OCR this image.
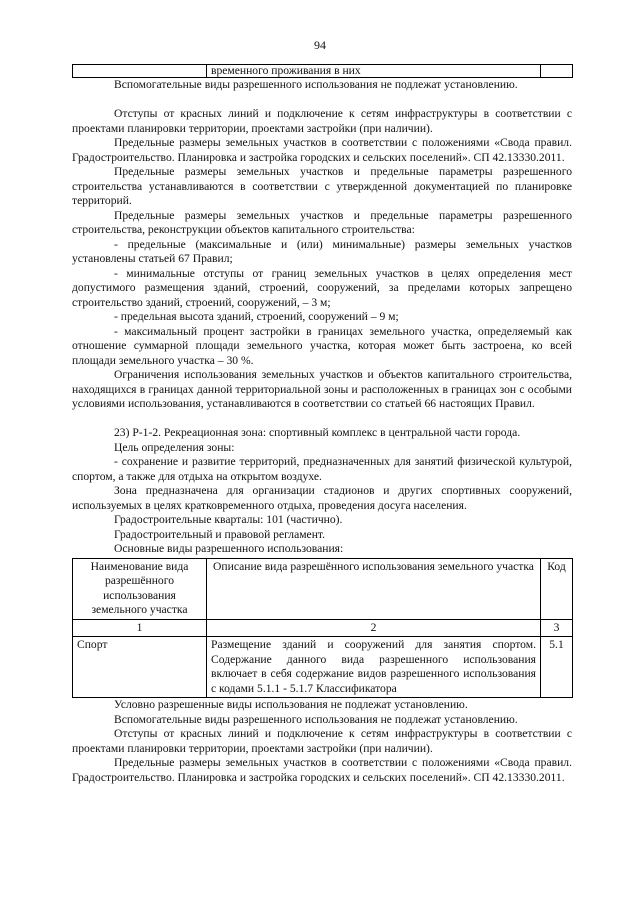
94
	временного проживания в них	

Вспомогательные виды разрешенного использования не подлежат установлению.

Отступы от красных линий и подключение к сетям инфраструктуры в соответствии с проектами планировки территории, проектами застройки (при наличии).

Предельные размеры земельных участков в соответствии с положениями «Свода правил. Градостроительство. Планировка и застройка городских и сельских поселений». СП 42.13330.2011.

Предельные размеры земельных участков и предельные параметры разрешенного строительства устанавливаются в соответствии с утвержденной документацией по планировке территорий.

Предельные размеры земельных участков и предельные параметры разрешенного строительства, реконструкции объектов капитального строительства:

- предельные (максимальные и (или) минимальные) размеры земельных участков установлены статьей 67 Правил;

- минимальные отступы от границ земельных участков в целях определения мест допустимого размещения зданий, строений, сооружений, за пределами которых запрещено строительство зданий, строений, сооружений, – 3 м;

- предельная высота зданий, строений, сооружений – 9 м;

- максимальный процент застройки в границах земельного участка, определяемый как отношение суммарной площади земельного участка, которая может быть застроена, ко всей площади земельного участка – 30 %.

Ограничения использования земельных участков и объектов капитального строительства, находящихся в границах данной территориальной зоны и расположенных в границах зон с особыми условиями использования, устанавливаются в соответствии со статьей 66 настоящих Правил.

23) Р-1-2. Рекреационная зона: спортивный комплекс в центральной части города.

Цель определения зоны:

- сохранение и развитие территорий, предназначенных для занятий физической культурой, спортом, а также для отдыха на открытом воздухе.

Зона предназначена для организации стадионов и других спортивных сооружений, используемых в целях кратковременного отдыха, проведения досуга населения.

Градостроительные кварталы: 101 (частично).

Градостроительный и правовой регламент.

Основные виды разрешенного использования:

Наименование вида разрешённого использования земельного участка	Описание вида разрешённого использования земельного участка	Код
1	2	3
Спорт	Размещение зданий и сооружений для занятия спортом. Содержание данного вида разрешенного использования включает в себя содержание видов разрешенного использования с кодами 5.1.1 - 5.1.7 Классификатора	5.1

Условно разрешенные виды использования не подлежат установлению.

Вспомогательные виды разрешенного использования не подлежат установлению.

Отступы от красных линий и подключение к сетям инфраструктуры в соответствии с проектами планировки территории, проектами застройки (при наличии).

Предельные размеры земельных участков в соответствии с положениями «Свода правил. Градостроительство. Планировка и застройка городских и сельских поселений». СП 42.13330.2011.
